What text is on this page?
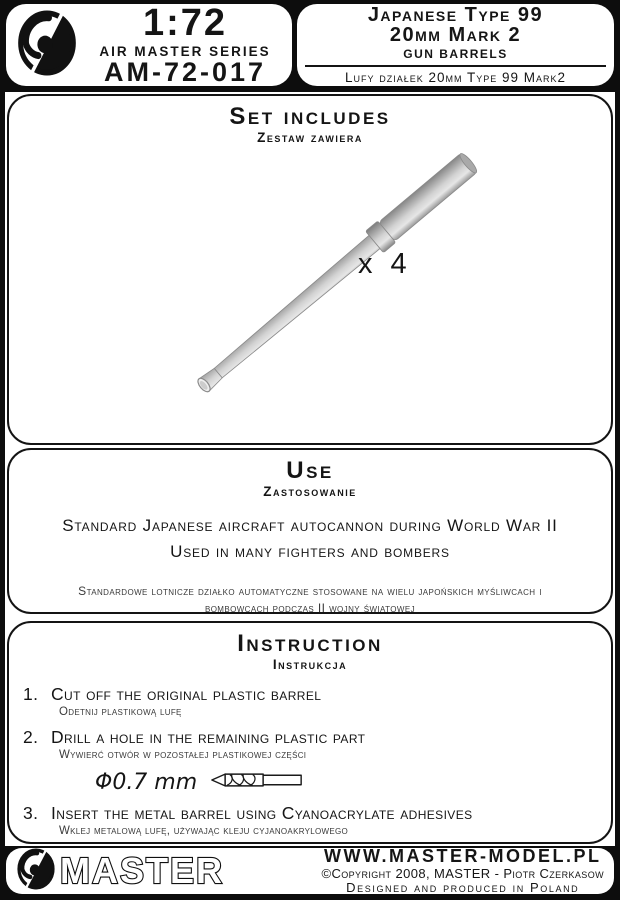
1:72
AIR MASTER SERIES
AM-72-017
Japanese Type 99
20mm Mark 2
GUN BARRELS
Lufy działek 20mm Type 99 Mark2
Set includes
Zestaw zawiera
x 4
Use
Zastosowanie
Standard Japanese aircraft autocannon during World War II
Used in many fighters and bombers
Standardowe lotnicze działko automatyczne stosowane na wielu japońskich myśliwcach i bombowcach podczas II wojny światowej
Instruction
Instrukcja
1. Cut off the original plastic barrel
Odetnij plastikową lufę
2. Drill a hole in the remaining plastic part
Wywierć otwór w pozostałej plastikowej części
Φ0.7 mm
3. Insert the metal barrel using Cyanoacrylate adhesives
Wklej metalową lufę, używając kleju cyjanoakrylowego
MASTER	WWW.MASTER-MODEL.PL
©Copyright 2008, MASTER - Piotr Czerkasow
Designed and produced in Poland
